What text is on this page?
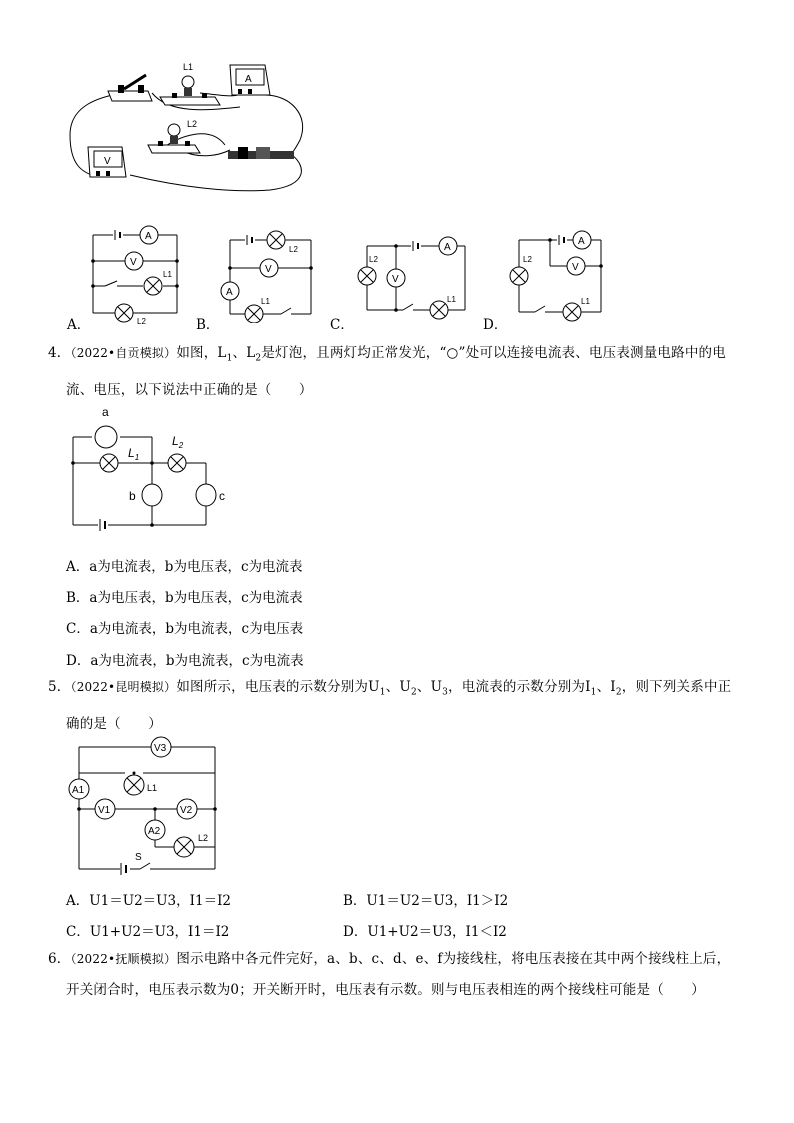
L1
A
L2
V
A
V
L1
L2
A．
L2
V
A
L1
B．
A
L2
V
L1
C．
A
V
L2
L1
D．
4．（2022•自贡模拟）如图，$L_1$、$L_2$是灯泡，且两灯均正常发光，“○”处可以连接电流表、电压表测量电路中的电
流、电压，以下说法中正确的是（　　）
a
$L_1$
$L_2$
b	c
A．a为电流表，b为电压表，c为电流表
B．a为电压表，b为电压表，c为电流表
C．a为电流表，b为电流表，c为电压表
D．a为电流表，b为电流表，c为电流表
5．（2022•昆明模拟）如图所示，电压表的示数分别为$U_1$、$U_2$、$U_3$，电流表的示数分别为$I_1$、$I_2$，则下列关系中正
确的是（　　）
V3
A1	L1
V1	V2
A2
L2
S
A．U1＝U2＝U3，I1＝I2	B．U1＝U2＝U3，I1＞I2
C．U1+U2＝U3，I1＝I2	D．U1+U2＝U3，I1＜I2
6．（2022•抚顺模拟）图示电路中各元件完好，a、b、c、d、e、f为接线柱，将电压表接在其中两个接线柱上后，
开关闭合时，电压表示数为0；开关断开时，电压表有示数。则与电压表相连的两个接线柱可能是（　　）
